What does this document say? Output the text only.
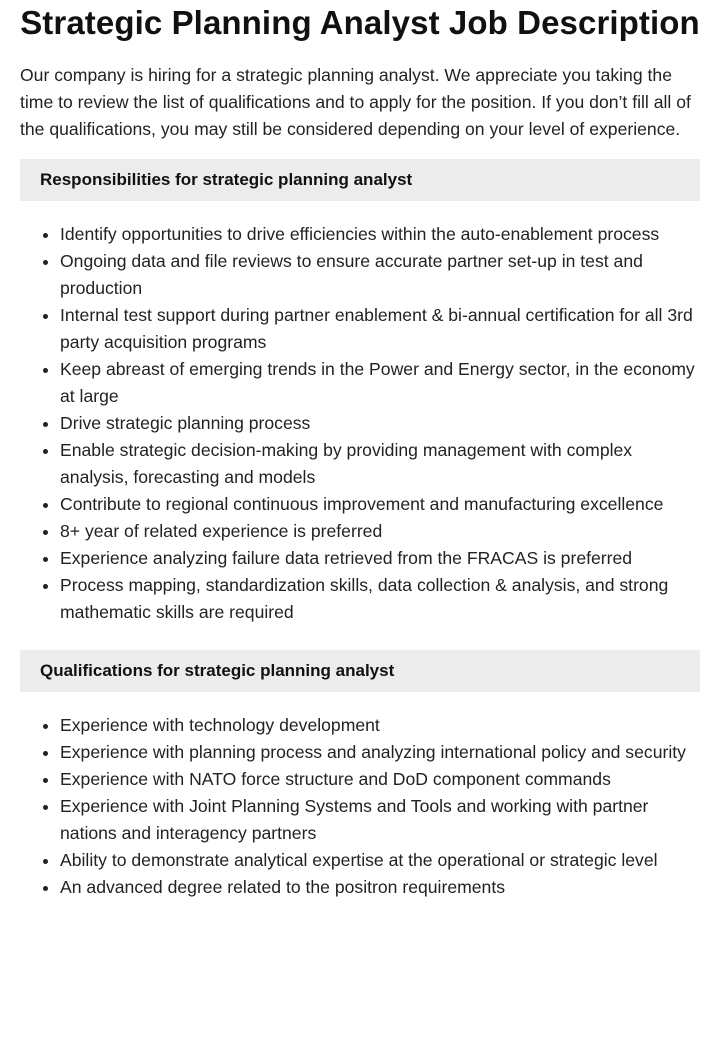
Strategic Planning Analyst Job Description

Our company is hiring for a strategic planning analyst. We appreciate you taking the time to review the list of qualifications and to apply for the position. If you don’t fill all of the qualifications, you may still be considered depending on your level of experience.

Responsibilities for strategic planning analyst
• Identify opportunities to drive efficiencies within the auto-enablement process
• Ongoing data and file reviews to ensure accurate partner set-up in test and production
• Internal test support during partner enablement & bi-annual certification for all 3rd party acquisition programs
• Keep abreast of emerging trends in the Power and Energy sector, in the economy at large
• Drive strategic planning process
• Enable strategic decision-making by providing management with complex analysis, forecasting and models
• Contribute to regional continuous improvement and manufacturing excellence
• 8+ year of related experience is preferred
• Experience analyzing failure data retrieved from the FRACAS is preferred
• Process mapping, standardization skills, data collection & analysis, and strong mathematic skills are required
Qualifications for strategic planning analyst
• Experience with technology development
• Experience with planning process and analyzing international policy and security
• Experience with NATO force structure and DoD component commands
• Experience with Joint Planning Systems and Tools and working with partner nations and interagency partners
• Ability to demonstrate analytical expertise at the operational or strategic level
• An advanced degree related to the positron requirements
